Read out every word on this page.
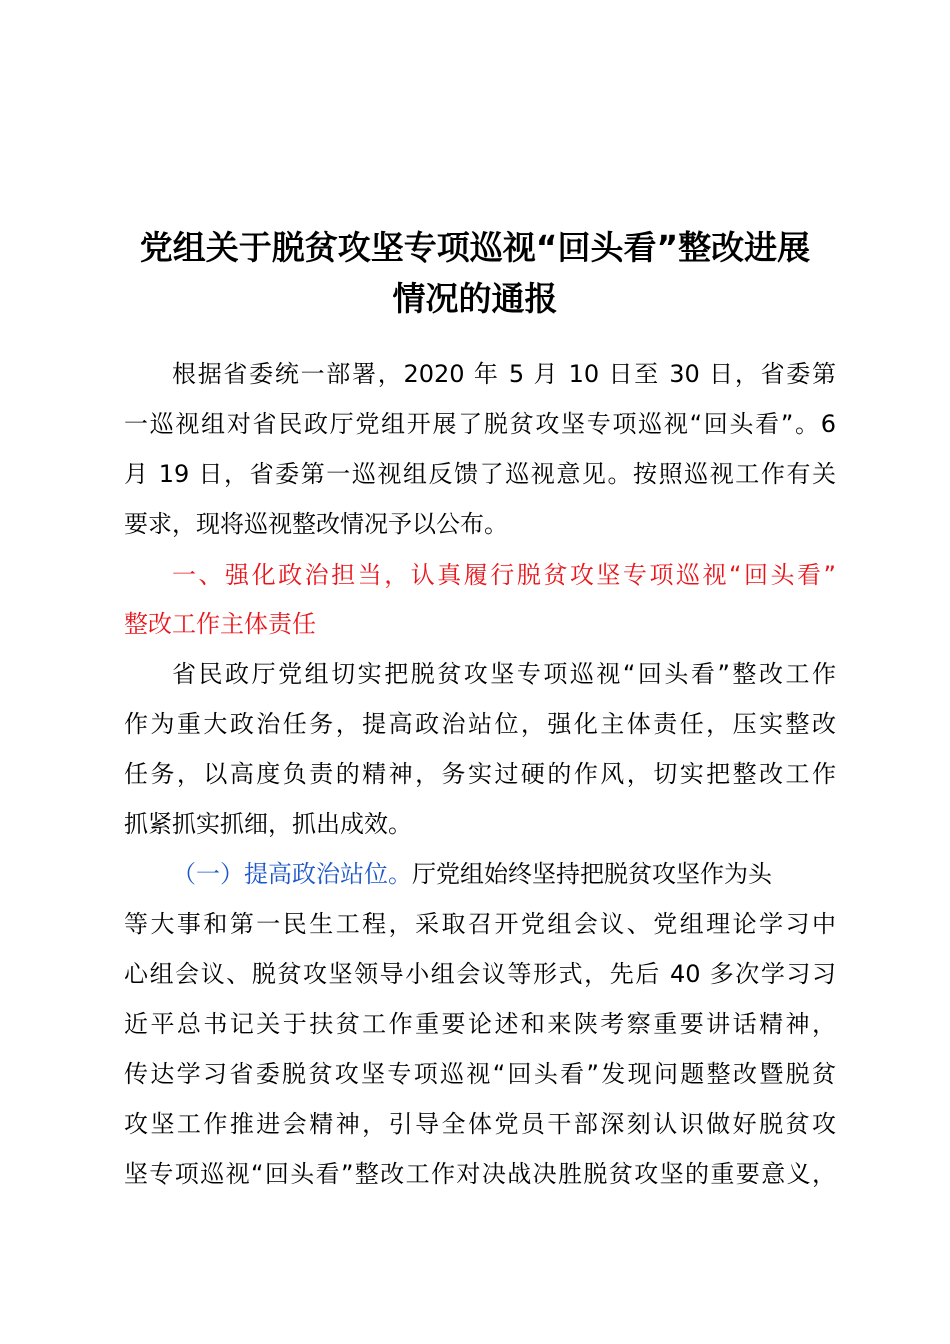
党组关于脱贫攻坚专项巡视“回头看”整改进展
情况的通报
根据省委统一部署，2020 年 5 月 10 日至 30 日，省委第
一巡视组对省民政厅党组开展了脱贫攻坚专项巡视“回头看”。6
月 19 日，省委第一巡视组反馈了巡视意见。按照巡视工作有关
要求，现将巡视整改情况予以公布。
一、强化政治担当，认真履行脱贫攻坚专项巡视“回头看”
整改工作主体责任
省民政厅党组切实把脱贫攻坚专项巡视“回头看”整改工作
作为重大政治任务，提高政治站位，强化主体责任，压实整改
任务，以高度负责的精神，务实过硬的作风，切实把整改工作
抓紧抓实抓细，抓出成效。
（一）提高政治站位。厅党组始终坚持把脱贫攻坚作为头
等大事和第一民生工程，采取召开党组会议、党组理论学习中
心组会议、脱贫攻坚领导小组会议等形式，先后 40 多次学习习
近平总书记关于扶贫工作重要论述和来陕考察重要讲话精神，
传达学习省委脱贫攻坚专项巡视“回头看”发现问题整改暨脱贫
攻坚工作推进会精神，引导全体党员干部深刻认识做好脱贫攻
坚专项巡视“回头看”整改工作对决战决胜脱贫攻坚的重要意义，
